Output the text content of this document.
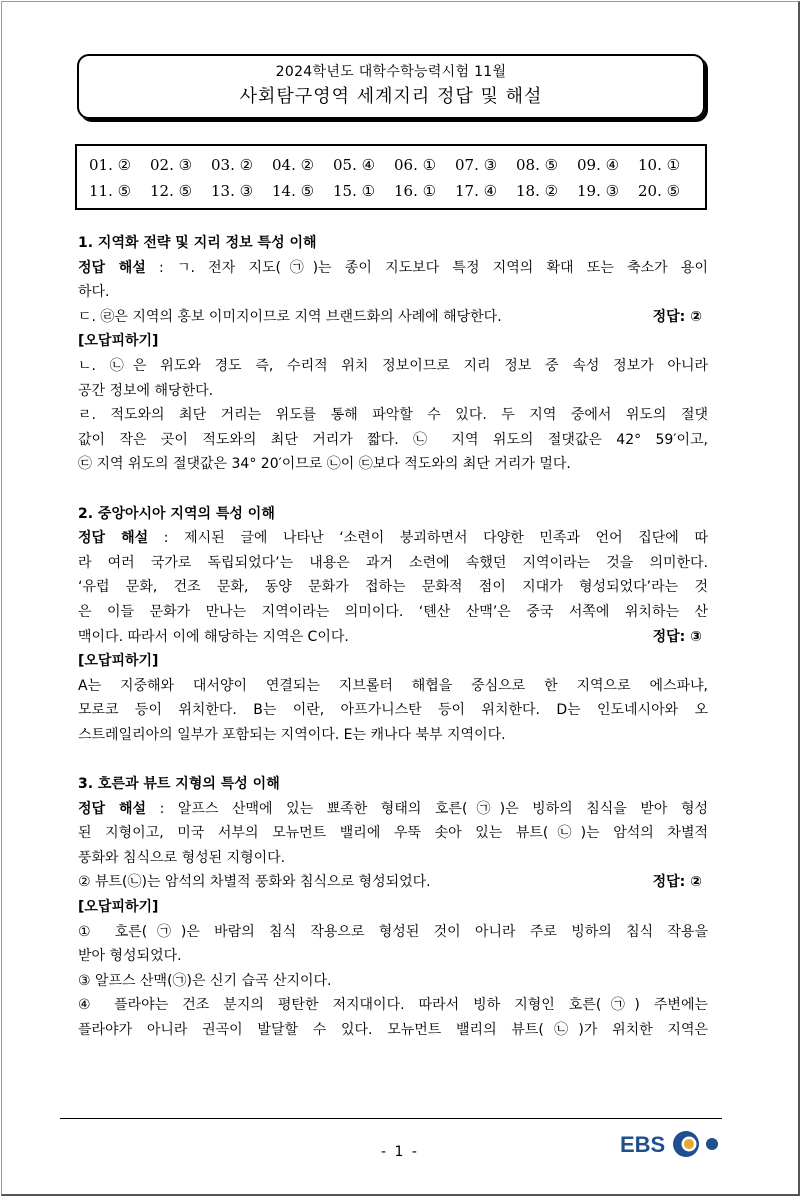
2024학년도 대학수학능력시험 11월
사회탐구영역 세계지리 정답 및 해설
01. ②	02. ③	03. ②	04. ②	05. ④	06. ①	07. ③	08. ⑤	09. ④	10. ①
11. ⑤	12. ⑤	13. ③	14. ⑤	15. ①	16. ①	17. ④	18. ②	19. ③	20. ⑤

1. 지역화 전략 및 지리 정보 특성 이해

정답 해설 : ㄱ. 전자 지도(㉠)는 종이 지도보다 특정 지역의 확대 또는 축소가 용이

하다.

ㄷ. ㉣은 지역의 홍보 이미지이므로 지역 브랜드화의 사례에 해당한다.	정답: ②

[오답피하기]

ㄴ. ㉡은 위도와 경도 즉, 수리적 위치 정보이므로 지리 정보 중 속성 정보가 아니라

공간 정보에 해당한다.

ㄹ. 적도와의 최단 거리는 위도를 통해 파악할 수 있다. 두 지역 중에서 위도의 절댓

값이 작은 곳이 적도와의 최단 거리가 짧다. ㉡ 지역 위도의 절댓값은 42° 59′이고,

㉢ 지역 위도의 절댓값은 34° 20′이므로 ㉡이 ㉢보다 적도와의 최단 거리가 멀다.

2. 중앙아시아 지역의 특성 이해

정답 해설 : 제시된 글에 나타난 ‘소련이 붕괴하면서 다양한 민족과 언어 집단에 따

라 여러 국가로 독립되었다’는 내용은 과거 소련에 속했던 지역이라는 것을 의미한다.

‘유럽 문화, 건조 문화, 동양 문화가 접하는 문화적 점이 지대가 형성되었다’라는 것

은 이들 문화가 만나는 지역이라는 의미이다. ‘톈산 산맥’은 중국 서쪽에 위치하는 산

맥이다. 따라서 이에 해당하는 지역은 C이다.	정답: ③

[오답피하기]

A는 지중해와 대서양이 연결되는 지브롤터 해협을 중심으로 한 지역으로 에스파냐,

모로코 등이 위치한다. B는 이란, 아프가니스탄 등이 위치한다. D는 인도네시아와 오

스트레일리아의 일부가 포함되는 지역이다. E는 캐나다 북부 지역이다.

3. 호른과 뷰트 지형의 특성 이해

정답 해설 : 알프스 산맥에 있는 뾰족한 형태의 호른(㉠)은 빙하의 침식을 받아 형성

된 지형이고, 미국 서부의 모뉴먼트 밸리에 우뚝 솟아 있는 뷰트(㉡)는 암석의 차별적

풍화와 침식으로 형성된 지형이다.

② 뷰트(㉡)는 암석의 차별적 풍화와 침식으로 형성되었다.	정답: ②

[오답피하기]

① 호른(㉠)은 바람의 침식 작용으로 형성된 것이 아니라 주로 빙하의 침식 작용을

받아 형성되었다.

③ 알프스 산맥(㉠)은 신기 습곡 산지이다.

④ 플라야는 건조 분지의 평탄한 저지대이다. 따라서 빙하 지형인 호른(㉠) 주변에는

플라야가 아니라 권곡이 발달할 수 있다. 모뉴먼트 밸리의 뷰트(㉡)가 위치한 지역은

- 1 -	EBS
